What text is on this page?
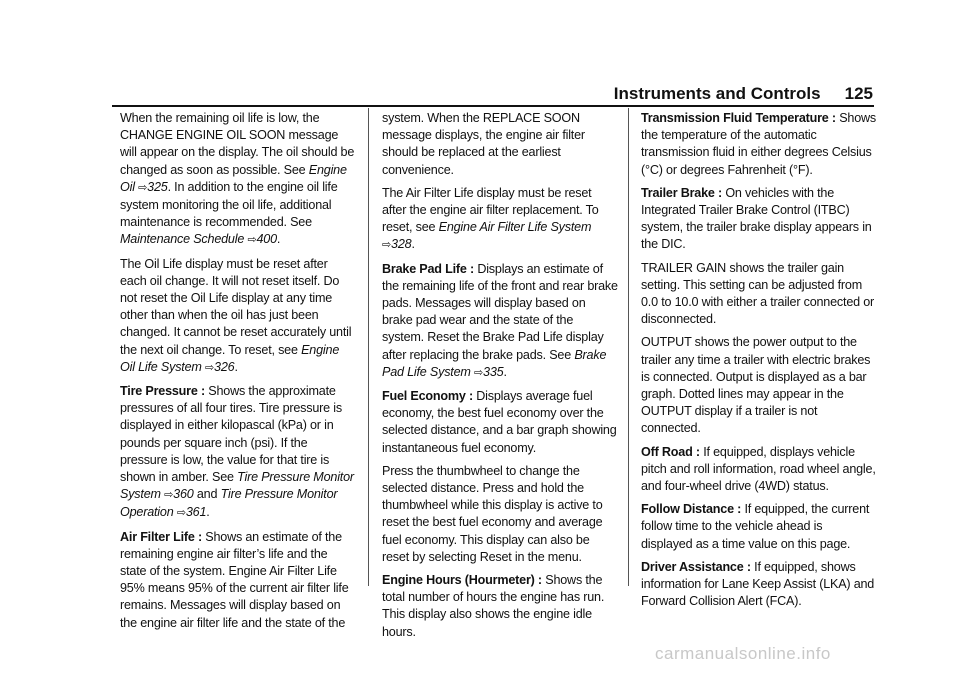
Instruments and Controls 125

When the remaining oil life is low, the CHANGE ENGINE OIL SOON message will appear on the display. The oil should be changed as soon as possible. See Engine Oil ⇨325. In addition to the engine oil life system monitoring the oil life, additional maintenance is recommended. See Maintenance Schedule ⇨400.

The Oil Life display must be reset after each oil change. It will not reset itself. Do not reset the Oil Life display at any time other than when the oil has just been changed. It cannot be reset accurately until the next oil change. To reset, see Engine Oil Life System ⇨326.

Tire Pressure : Shows the approximate pressures of all four tires. Tire pressure is displayed in either kilopascal (kPa) or in pounds per square inch (psi). If the pressure is low, the value for that tire is shown in amber. See Tire Pressure Monitor System ⇨360 and Tire Pressure Monitor Operation ⇨361.

Air Filter Life : Shows an estimate of the remaining engine air filter’s life and the state of the system. Engine Air Filter Life 95% means 95% of the current air filter life remains. Messages will display based on the engine air filter life and the state of the

system. When the REPLACE SOON message displays, the engine air filter should be replaced at the earliest convenience.

The Air Filter Life display must be reset after the engine air filter replacement. To reset, see Engine Air Filter Life System ⇨328.

Brake Pad Life : Displays an estimate of the remaining life of the front and rear brake pads. Messages will display based on brake pad wear and the state of the system. Reset the Brake Pad Life display after replacing the brake pads. See Brake Pad Life System ⇨335.

Fuel Economy : Displays average fuel economy, the best fuel economy over the selected distance, and a bar graph showing instantaneous fuel economy.

Press the thumbwheel to change the selected distance. Press and hold the thumbwheel while this display is active to reset the best fuel economy and average fuel economy. This display can also be reset by selecting Reset in the menu.

Engine Hours (Hourmeter) : Shows the total number of hours the engine has run. This display also shows the engine idle hours.

Transmission Fluid Temperature : Shows the temperature of the automatic transmission fluid in either degrees Celsius (°C) or degrees Fahrenheit (°F).

Trailer Brake : On vehicles with the Integrated Trailer Brake Control (ITBC) system, the trailer brake display appears in the DIC.

TRAILER GAIN shows the trailer gain setting. This setting can be adjusted from 0.0 to 10.0 with either a trailer connected or disconnected.

OUTPUT shows the power output to the trailer any time a trailer with electric brakes is connected. Output is displayed as a bar graph. Dotted lines may appear in the OUTPUT display if a trailer is not connected.

Off Road : If equipped, displays vehicle pitch and roll information, road wheel angle, and four-wheel drive (4WD) status.

Follow Distance : If equipped, the current follow time to the vehicle ahead is displayed as a time value on this page.

Driver Assistance : If equipped, shows information for Lane Keep Assist (LKA) and Forward Collision Alert (FCA).

carmanualsonline.info
